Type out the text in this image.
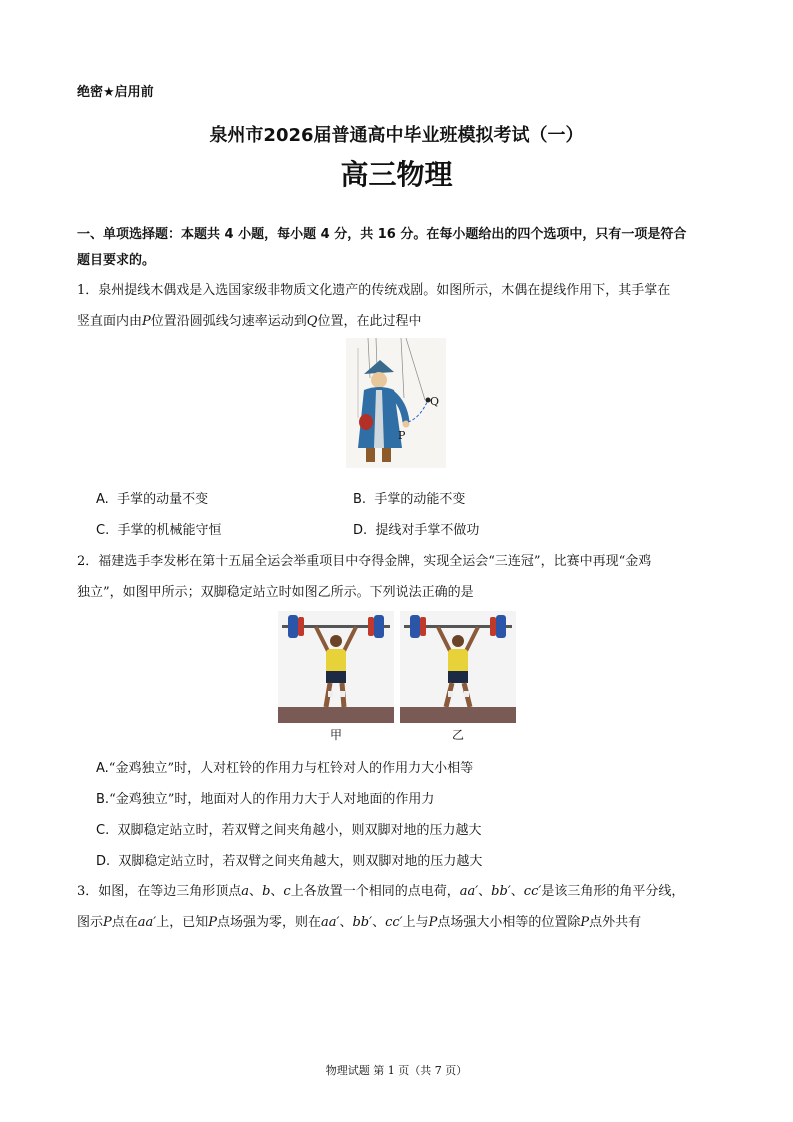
绝密★启用前
泉州市2026届普通高中毕业班模拟考试（一）
高三物理
一、单项选择题：本题共 4 小题，每小题 4 分，共 16 分。在每小题给出的四个选项中，只有一项是符合
题目要求的。
1．泉州提线木偶戏是入选国家级非物质文化遗产的传统戏剧。如图所示，木偶在提线作用下，其手掌在
竖直面内由P位置沿圆弧线匀速率运动到Q位置，在此过程中
Q
P
A. 手掌的动量不变	B. 手掌的动能不变
C. 手掌的机械能守恒	D. 提线对手掌不做功
2．福建选手李发彬在第十五届全运会举重项目中夺得金牌，实现全运会“三连冠”，比赛中再现“金鸡
独立”，如图甲所示；双脚稳定站立时如图乙所示。下列说法正确的是
甲	乙
A.“金鸡独立”时，人对杠铃的作用力与杠铃对人的作用力大小相等
B.“金鸡独立”时，地面对人的作用力大于人对地面的作用力
C. 双脚稳定站立时，若双臂之间夹角越小，则双脚对地的压力越大
D. 双脚稳定站立时，若双臂之间夹角越大，则双脚对地的压力越大
3．如图，在等边三角形顶点a、b、c上各放置一个相同的点电荷，aa′、bb′、cc′是该三角形的角平分线，
图示P点在aa′上，已知P点场强为零，则在aa′、bb′、cc′上与P点场强大小相等的位置除P点外共有
物理试题 第 1 页（共 7 页）
